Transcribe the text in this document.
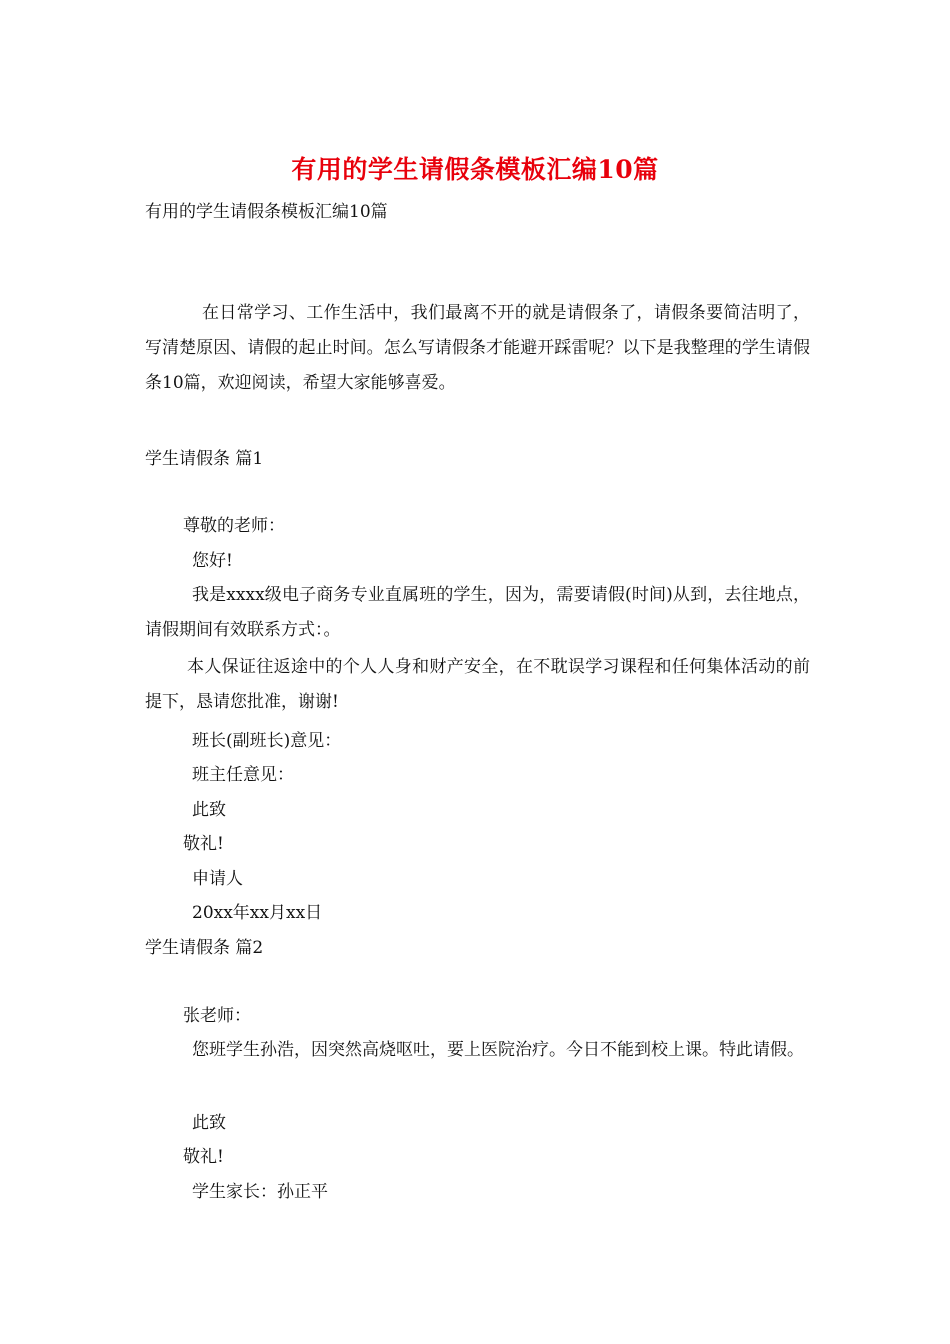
有用的学生请假条模板汇编10篇
有用的学生请假条模板汇编10篇
在日常学习、工作生活中，我们最离不开的就是请假条了，请假条要简洁明了，写清楚原因、请假的起止时间。怎么写请假条才能避开踩雷呢？以下是我整理的学生请假条10篇，欢迎阅读，希望大家能够喜爱。
学生请假条 篇1
尊敬的老师：
您好!
我是xxxx级电子商务专业直属班的学生，因为，需要请假(时间)从到，去往地点，请假期间有效联系方式：。
本人保证往返途中的个人人身和财产安全，在不耽误学习课程和任何集体活动的前提下，恳请您批准，谢谢!
班长(副班长)意见：
班主任意见：
此致
敬礼!
申请人
20xx年xx月xx日
学生请假条 篇2
张老师：
您班学生孙浩，因突然高烧呕吐，要上医院治疗。今日不能到校上课。特此请假。
此致
敬礼!
学生家长：孙正平
